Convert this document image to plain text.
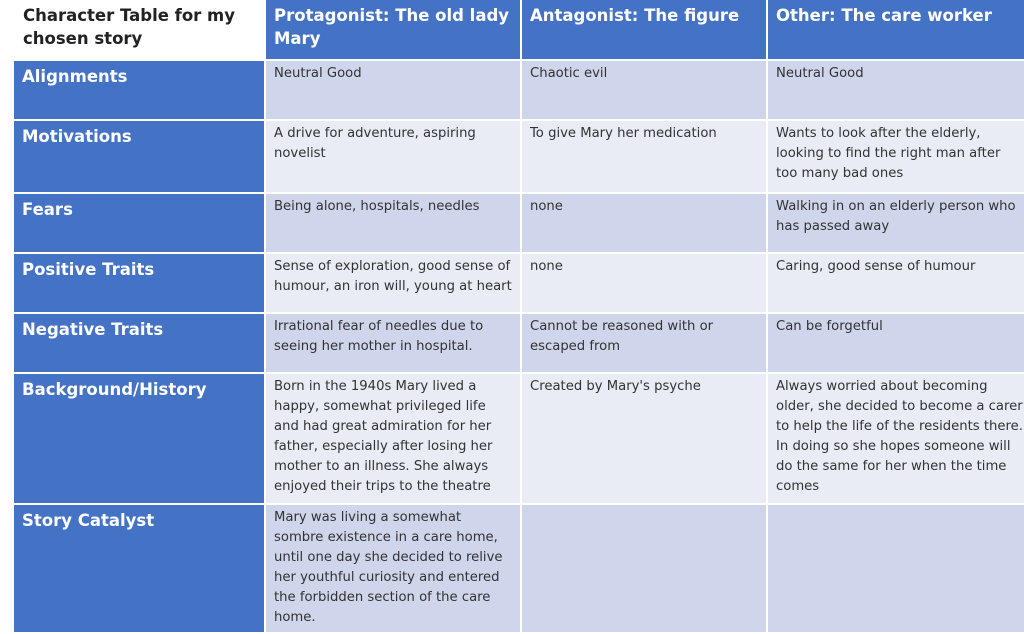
Character Table for my chosen story	Protagonist: The old lady Mary	Antagonist: The figure	Other: The care worker
Alignments	Neutral Good	Chaotic evil	Neutral Good
Motivations	A drive for adventure, aspiring novelist	To give Mary her medication	Wants to look after the elderly, looking to find the right man after too many bad ones
Fears	Being alone, hospitals, needles	none	Walking in on an elderly person who has passed away
Positive Traits	Sense of exploration, good sense of humour, an iron will, young at heart	none	Caring, good sense of humour
Negative Traits	Irrational fear of needles due to seeing her mother in hospital.	Cannot be reasoned with or escaped from	Can be forgetful
Background/History	Born in the 1940s Mary lived a happy, somewhat privileged life and had great admiration for her father, especially after losing her mother to an illness. She always enjoyed their trips to the theatre	Created by Mary's psyche	Always worried about becoming older, she decided to become a carer to help the life of the residents there. In doing so she hopes someone will do the same for her when the time comes
Story Catalyst	Mary was living a somewhat sombre existence in a care home, until one day she decided to relive her youthful curiosity and entered the forbidden section of the care home.		
